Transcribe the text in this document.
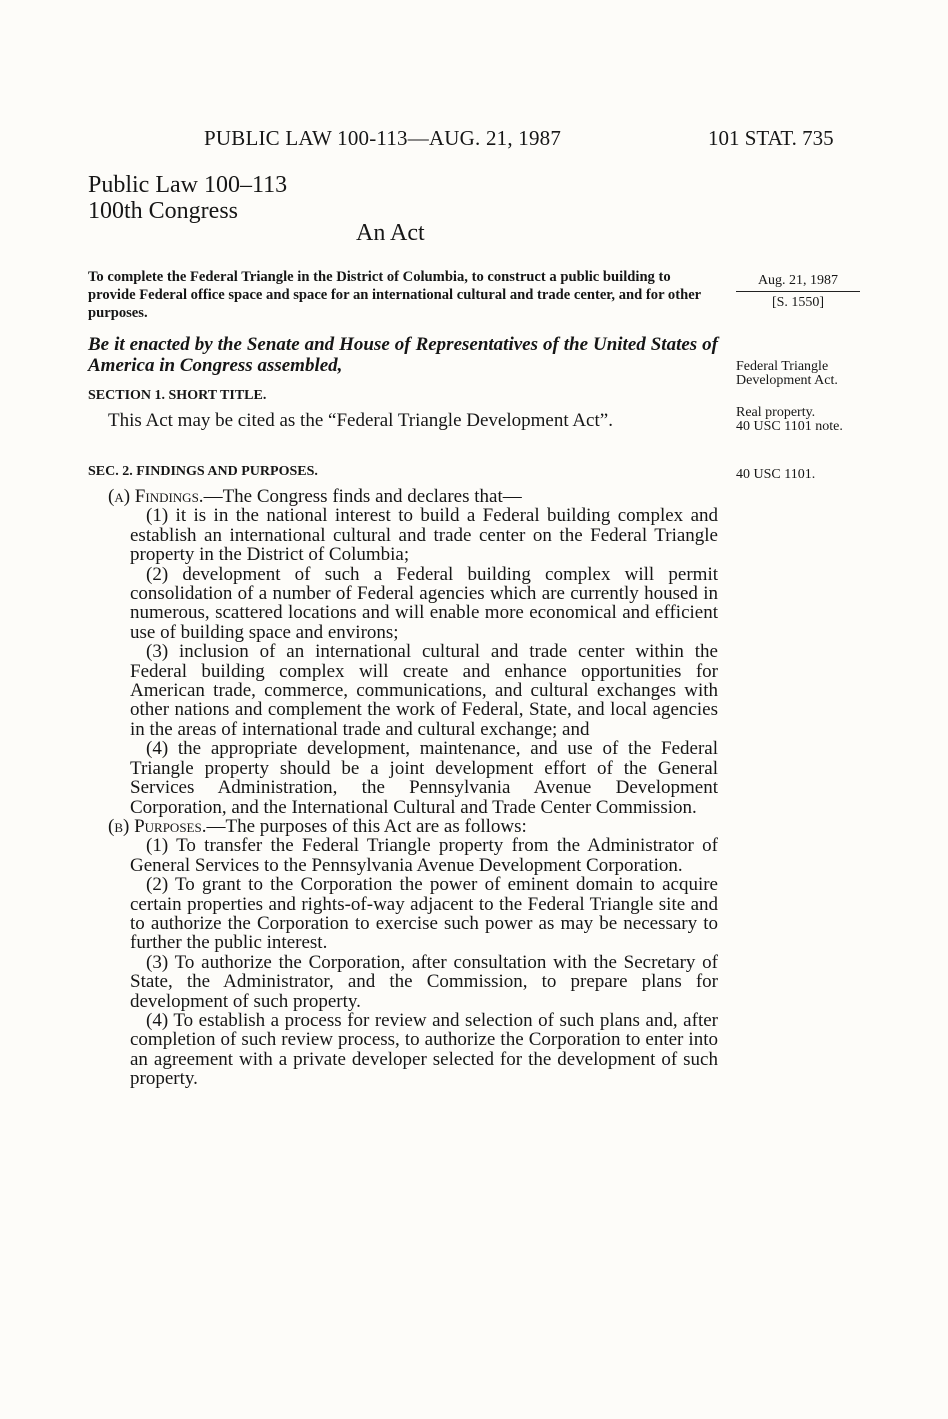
PUBLIC LAW 100-113—AUG. 21, 1987	101 STAT. 735
Public Law 100–113
100th Congress
An Act
To complete the Federal Triangle in the District of Columbia, to construct a public building to provide Federal office space and space for an international cultural and trade center, and for other purposes.
Aug. 21, 1987
[S. 1550]
Be it enacted by the Senate and House of Representatives of the United States of America in Congress assembled,	Federal Triangle Development Act.
Real property.
40 USC 1101 note.
40 USC 1101.
SECTION 1. SHORT TITLE.

This Act may be cited as the “Federal Triangle Development Act”.

SEC. 2. FINDINGS AND PURPOSES.

(a) Findings.—The Congress finds and declares that—

(1) it is in the national interest to build a Federal building complex and establish an international cultural and trade center on the Federal Triangle property in the District of Columbia;

(2) development of such a Federal building complex will permit consolidation of a number of Federal agencies which are currently housed in numerous, scattered locations and will enable more economical and efficient use of building space and environs;

(3) inclusion of an international cultural and trade center within the Federal building complex will create and enhance opportunities for American trade, commerce, communications, and cultural exchanges with other nations and complement the work of Federal, State, and local agencies in the areas of international trade and cultural exchange; and

(4) the appropriate development, maintenance, and use of the Federal Triangle property should be a joint development effort of the General Services Administration, the Pennsylvania Avenue Development Corporation, and the International Cultural and Trade Center Commission.

(b) Purposes.—The purposes of this Act are as follows:

(1) To transfer the Federal Triangle property from the Administrator of General Services to the Pennsylvania Avenue Development Corporation.

(2) To grant to the Corporation the power of eminent domain to acquire certain properties and rights-of-way adjacent to the Federal Triangle site and to authorize the Corporation to exercise such power as may be necessary to further the public interest.

(3) To authorize the Corporation, after consultation with the Secretary of State, the Administrator, and the Commission, to prepare plans for development of such property.

(4) To establish a process for review and selection of such plans and, after completion of such review process, to authorize the Corporation to enter into an agreement with a private developer selected for the development of such property.
